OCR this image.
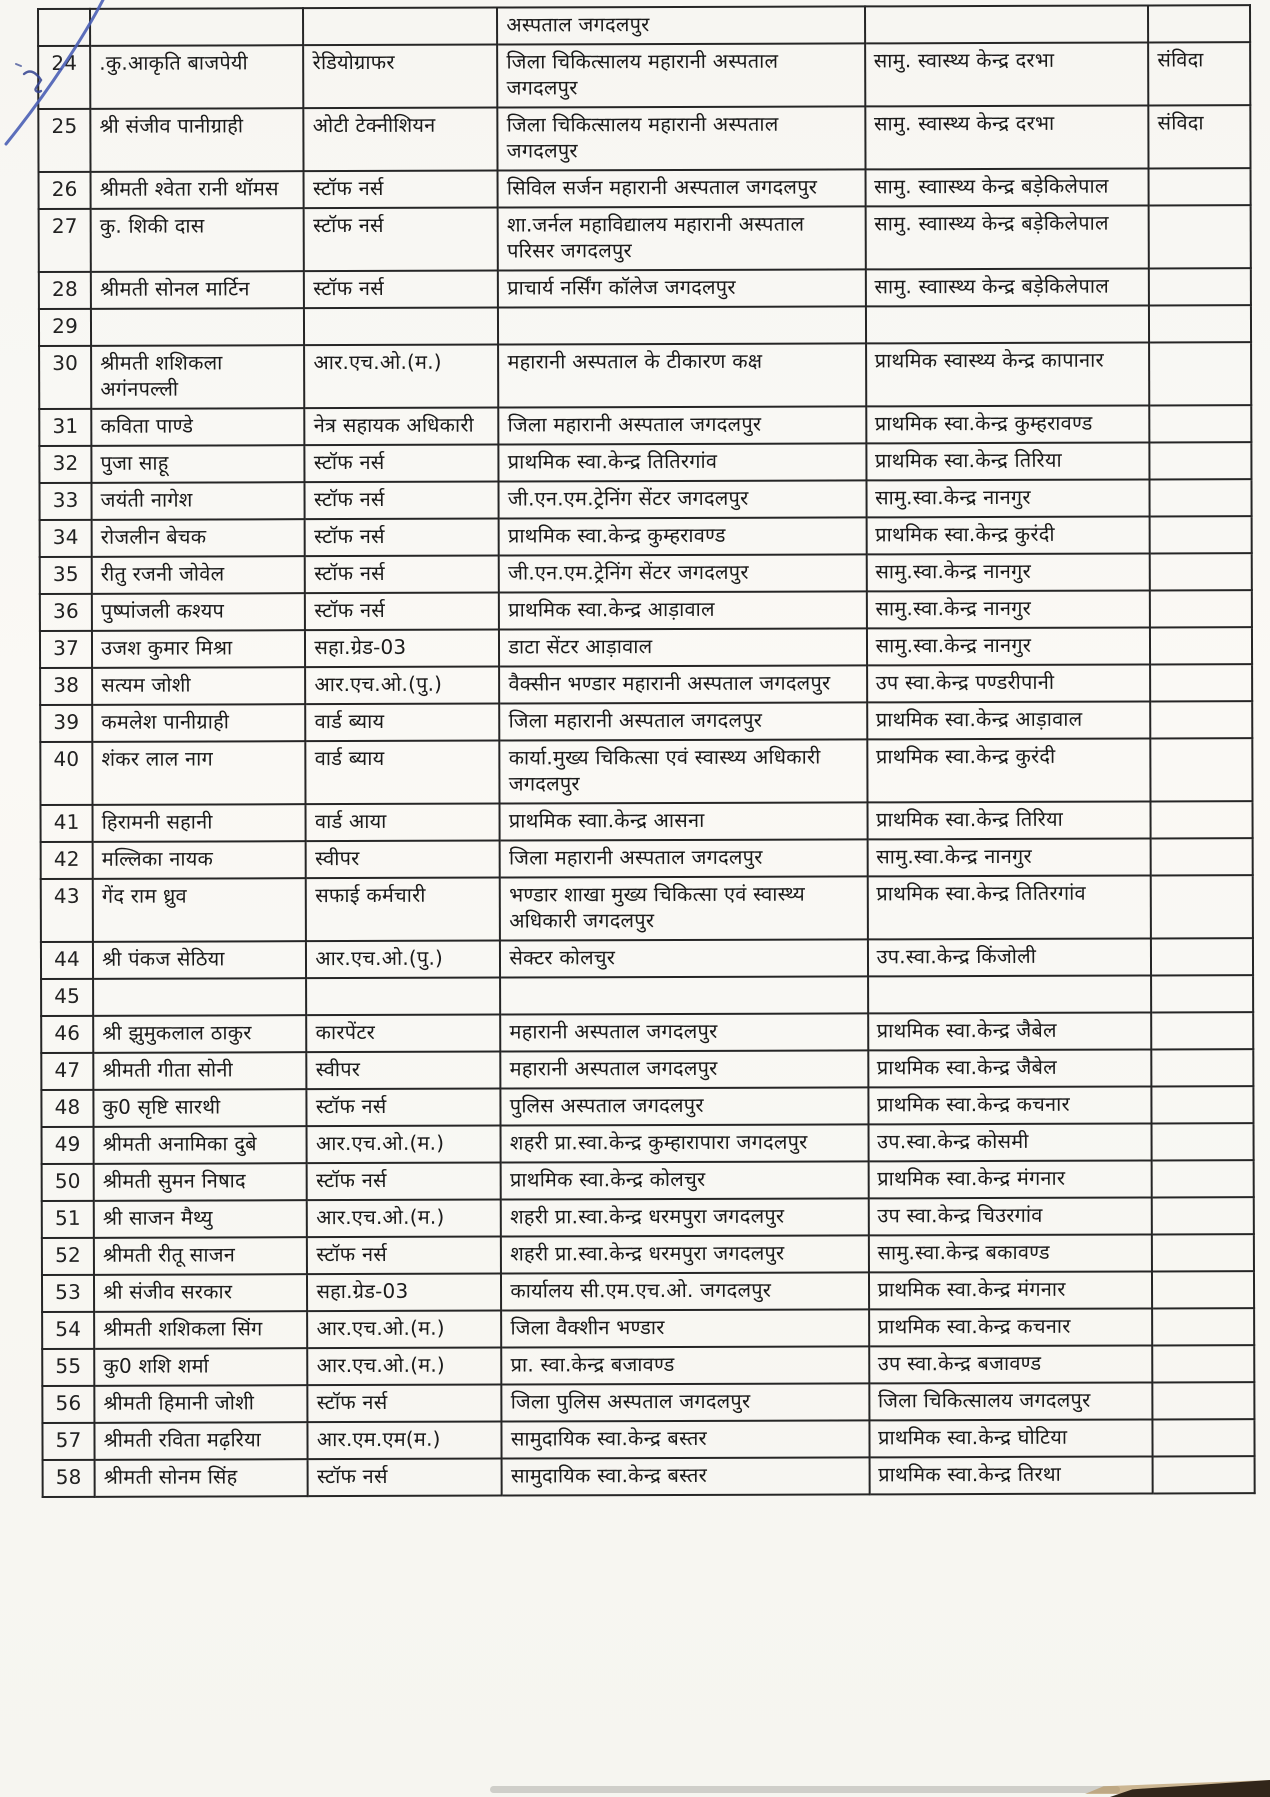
			अस्पताल जगदलपुर		
24	.कु.आकृति बाजपेयी	रेडियोग्राफर	जिला चिकित्सालय महारानी अस्पताल जगदलपुर	सामु. स्वास्थ्य केन्द्र दरभा	संविदा
25	श्री संजीव पानीग्राही	ओटी टेक्नीशियन	जिला चिकित्सालय महारानी अस्पताल जगदलपुर	सामु. स्वास्थ्य केन्द्र दरभा	संविदा
26	श्रीमती श्वेता रानी थॉमस	स्टॉफ नर्स	सिविल सर्जन महारानी अस्पताल जगदलपुर	सामु. स्वाास्थ्य केन्द्र बड़ेकिलेपाल	
27	कु. शिकी दास	स्टॉफ नर्स	शा.जर्नल महाविद्यालय महारानी अस्पताल परिसर जगदलपुर	सामु. स्वाास्थ्य केन्द्र बड़ेकिलेपाल	
28	श्रीमती सोनल मार्टिन	स्टॉफ नर्स	प्राचार्य नर्सिंग कॉलेज जगदलपुर	सामु. स्वाास्थ्य केन्द्र बड़ेकिलेपाल	
29					
30	श्रीमती शशिकला अगंनपल्ली	आर.एच.ओ.(म.)	महारानी अस्पताल के टीकारण कक्ष	प्राथमिक स्वास्थ्य केन्द्र कापानार	
31	कविता पाण्डे	नेत्र सहायक अधिकारी	जिला महारानी अस्पताल जगदलपुर	प्राथमिक स्वा.केन्द्र कुम्हरावण्ड	
32	पुजा साहू	स्टॉफ नर्स	प्राथमिक स्वा.केन्द्र तितिरगांव	प्राथमिक स्वा.केन्द्र तिरिया	
33	जयंती नागेश	स्टॉफ नर्स	जी.एन.एम.ट्रेनिंग सेंटर जगदलपुर	सामु.स्वा.केन्द्र नानगुर	
34	रोजलीन बेचक	स्टॉफ नर्स	प्राथमिक स्वा.केन्द्र कुम्हरावण्ड	प्राथमिक स्वा.केन्द्र कुरंदी	
35	रीतु रजनी जोवेल	स्टॉफ नर्स	जी.एन.एम.ट्रेनिंग सेंटर जगदलपुर	सामु.स्वा.केन्द्र नानगुर	
36	पुष्पांजली कश्यप	स्टॉफ नर्स	प्राथमिक स्वा.केन्द्र आड़ावाल	सामु.स्वा.केन्द्र नानगुर	
37	उजश कुमार मिश्रा	सहा.ग्रेड-03	डाटा सेंटर आड़ावाल	सामु.स्वा.केन्द्र नानगुर	
38	सत्यम जोशी	आर.एच.ओ.(पु.)	वैक्सीन भण्डार महारानी अस्पताल जगदलपुर	उप स्वा.केन्द्र पण्डरीपानी	
39	कमलेश पानीग्राही	वार्ड ब्याय	जिला महारानी अस्पताल जगदलपुर	प्राथमिक स्वा.केन्द्र आड़ावाल	
40	शंकर लाल नाग	वार्ड ब्याय	कार्या.मुख्य चिकित्सा एवं स्वास्थ्य अधिकारी जगदलपुर	प्राथमिक स्वा.केन्द्र कुरंदी	
41	हिरामनी सहानी	वार्ड आया	प्राथमिक स्वाा.केन्द्र आसना	प्राथमिक स्वा.केन्द्र तिरिया	
42	मल्लिका नायक	स्वीपर	जिला महारानी अस्पताल जगदलपुर	सामु.स्वा.केन्द्र नानगुर	
43	गेंद राम ध्रुव	सफाई कर्मचारी	भण्डार शाखा मुख्य चिकित्सा एवं स्वास्थ्य अधिकारी जगदलपुर	प्राथमिक स्वा.केन्द्र तितिरगांव	
44	श्री पंकज सेठिया	आर.एच.ओ.(पु.)	सेक्टर कोलचुर	उप.स्वा.केन्द्र किंजोली	
45					
46	श्री झुमुकलाल ठाकुर	कारपेंटर	महारानी अस्पताल जगदलपुर	प्राथमिक स्वा.केन्द्र जैबेल	
47	श्रीमती गीता सोनी	स्वीपर	महारानी अस्पताल जगदलपुर	प्राथमिक स्वा.केन्द्र जैबेल	
48	कु0 सृष्टि सारथी	स्टॉफ नर्स	पुलिस अस्पताल जगदलपुर	प्राथमिक स्वा.केन्द्र कचनार	
49	श्रीमती अनामिका दुबे	आर.एच.ओ.(म.)	शहरी प्रा.स्वा.केन्द्र कुम्हारापारा जगदलपुर	उप.स्वा.केन्द्र कोसमी	
50	श्रीमती सुमन निषाद	स्टॉफ नर्स	प्राथमिक स्वा.केन्द्र कोलचुर	प्राथमिक स्वा.केन्द्र मंगनार	
51	श्री साजन मैथ्यु	आर.एच.ओ.(म.)	शहरी प्रा.स्वा.केन्द्र धरमपुरा जगदलपुर	उप स्वा.केन्द्र चिउरगांव	
52	श्रीमती रीतू साजन	स्टॉफ नर्स	शहरी प्रा.स्वा.केन्द्र धरमपुरा जगदलपुर	सामु.स्वा.केन्द्र बकावण्ड	
53	श्री संजीव सरकार	सहा.ग्रेड-03	कार्यालय सी.एम.एच.ओ. जगदलपुर	प्राथमिक स्वा.केन्द्र मंगनार	
54	श्रीमती शशिकला सिंग	आर.एच.ओ.(म.)	जिला वैक्शीन भण्डार	प्राथमिक स्वा.केन्द्र कचनार	
55	कु0 शशि शर्मा	आर.एच.ओ.(म.)	प्रा. स्वा.केन्द्र बजावण्ड	उप स्वा.केन्द्र बजावण्ड	
56	श्रीमती हिमानी जोशी	स्टॉफ नर्स	जिला पुलिस अस्पताल जगदलपुर	जिला चिकित्सालय जगदलपुर	
57	श्रीमती रविता मढ़रिया	आर.एम.एम(म.)	सामुदायिक स्वा.केन्द्र बस्तर	प्राथमिक स्वा.केन्द्र घोटिया	
58	श्रीमती सोनम सिंह	स्टॉफ नर्स	सामुदायिक स्वा.केन्द्र बस्तर	प्राथमिक स्वा.केन्द्र तिरथा	
